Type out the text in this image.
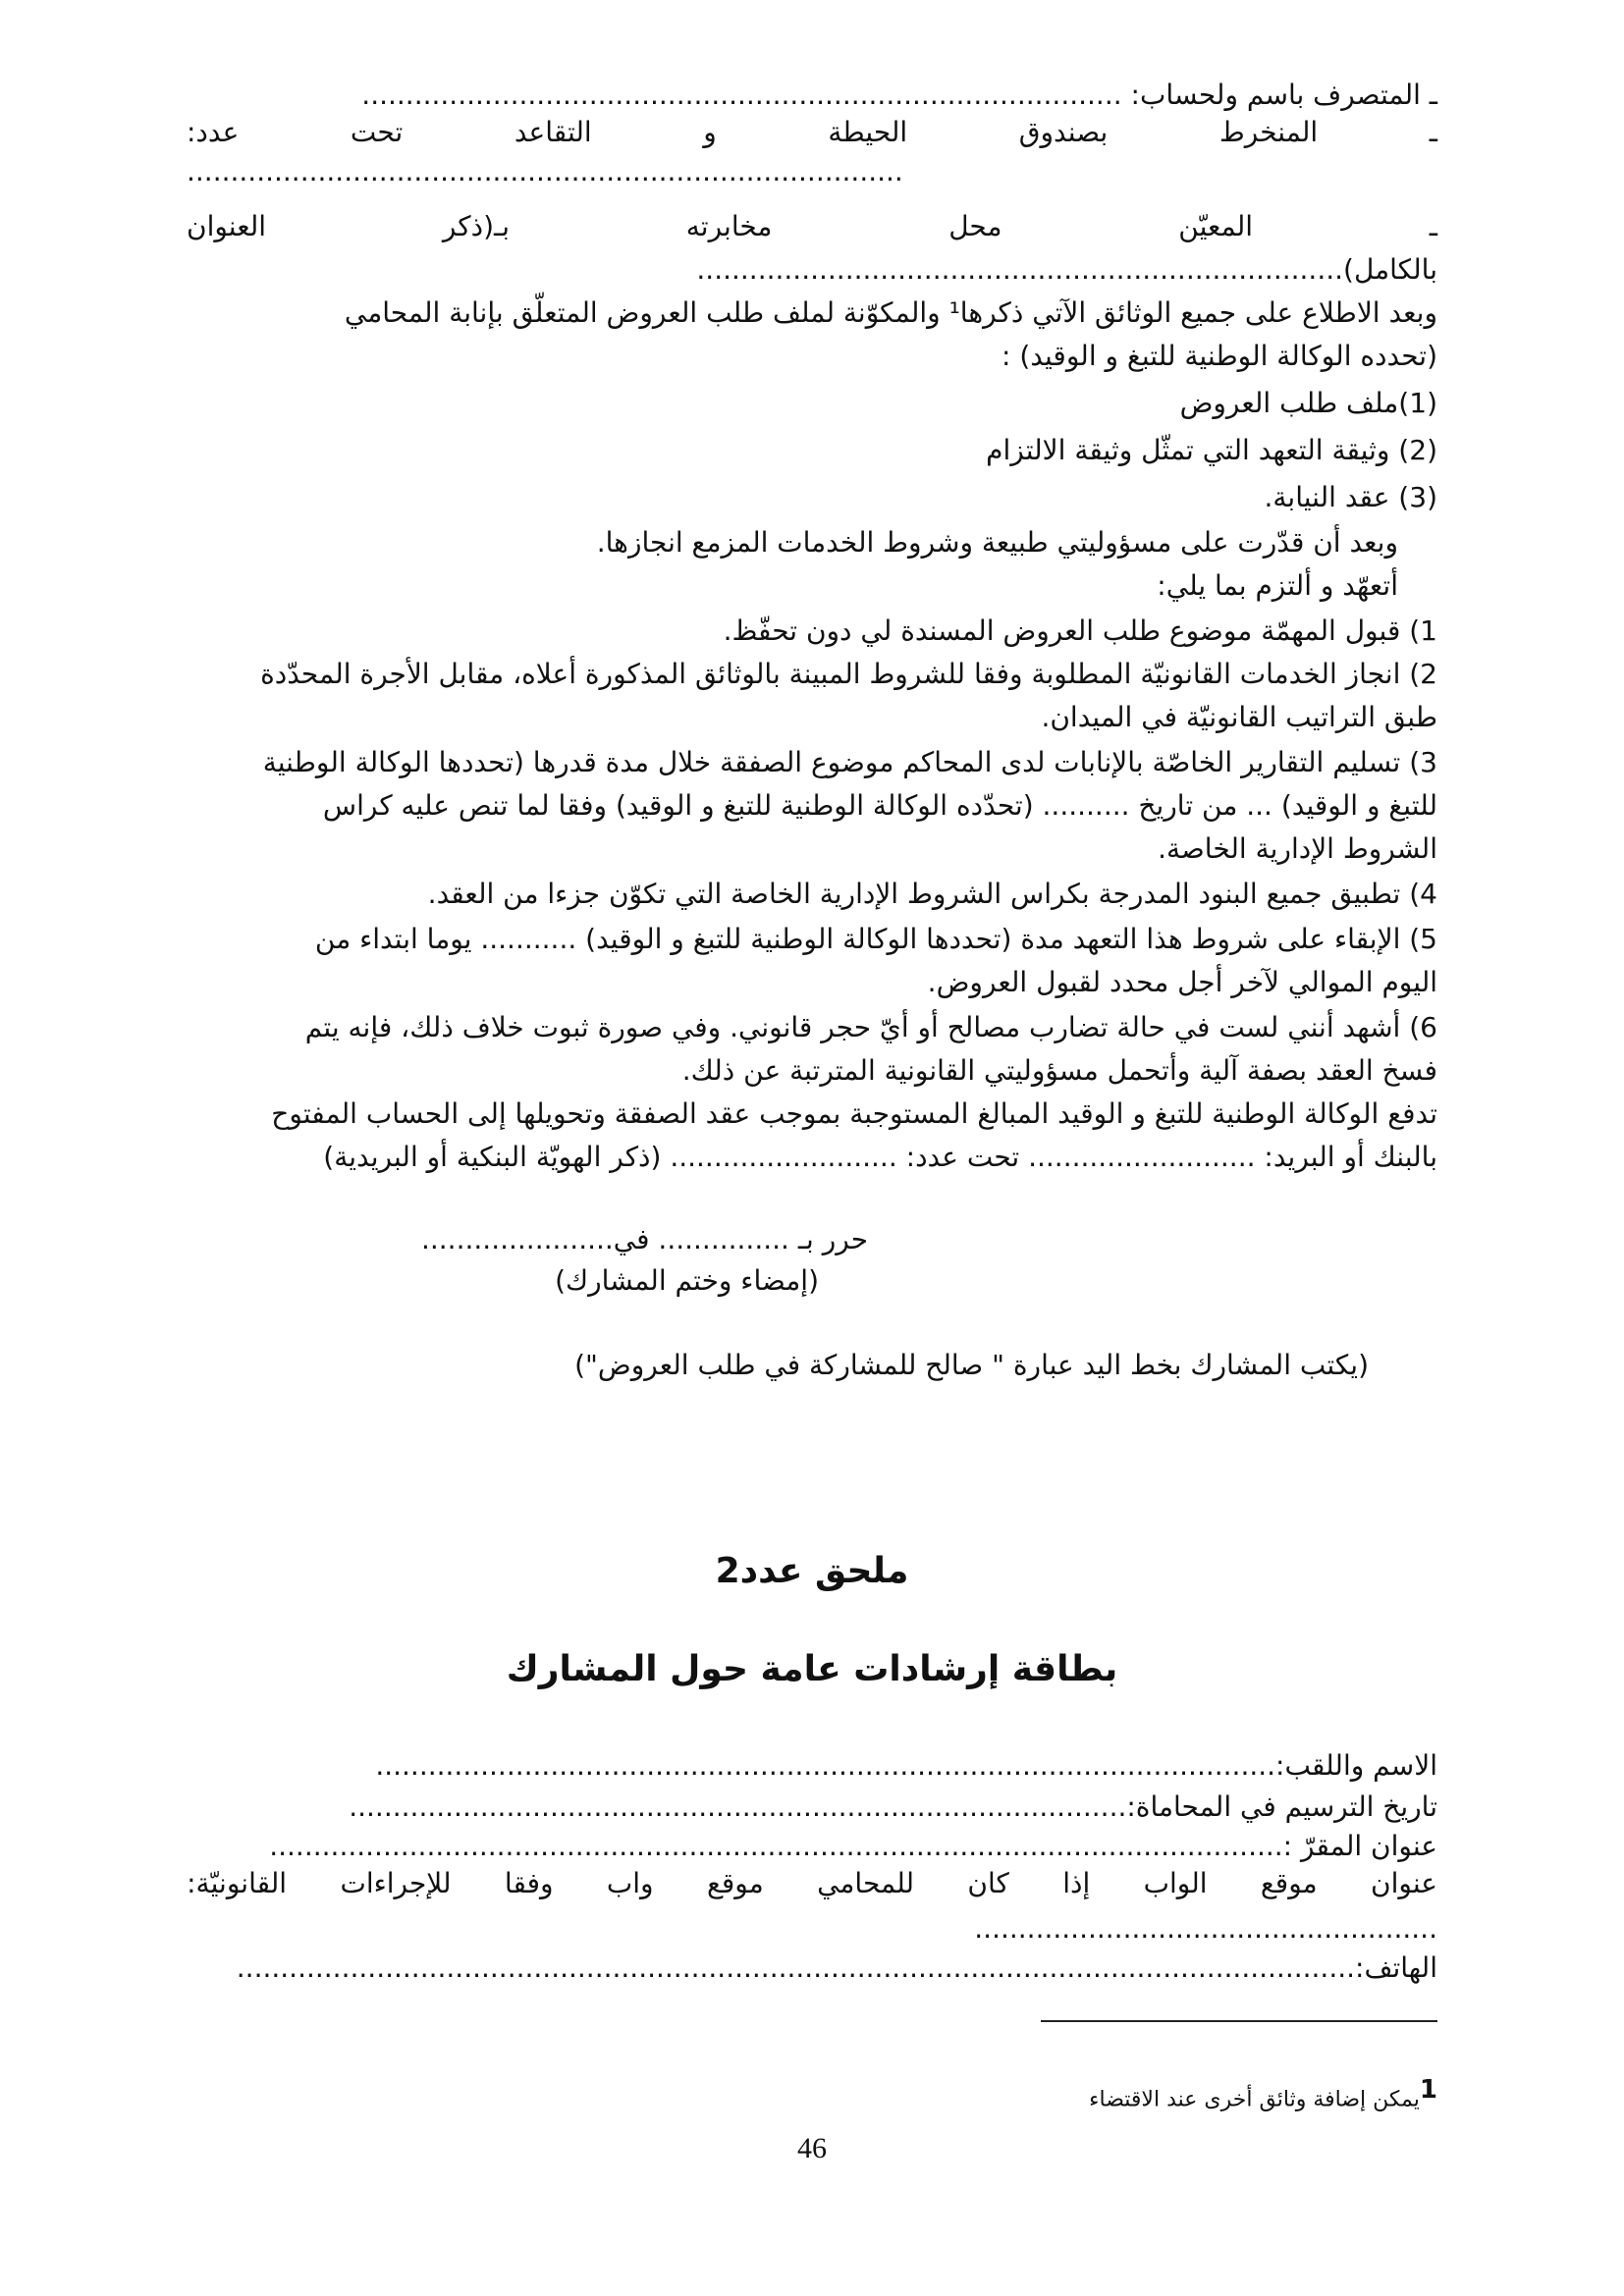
ـ المتصرف باسم ولحساب: .......................................................................................
ـ
المنخرط
بصندوق
الحيطة
و
التقاعد
تحت
عدد:
..................................................................................
ـ
المعيّن
محل
مخابرته
بـ(ذكر
العنوان
بالكامل)..........................................................................
وبعد الاطلاع على جميع الوثائق الآتي ذكرها¹ والمكوّنة لملف طلب العروض المتعلّق بإنابة المحامي
(تحدده الوكالة الوطنية للتبغ و الوقيد) :
(1)ملف طلب العروض
(2) وثيقة التعهد التي تمثّل وثيقة الالتزام
(3) عقد النيابة.
وبعد أن قدّرت على مسؤوليتي طبيعة وشروط الخدمات المزمع انجازها.
أتعهّد و ألتزم بما يلي:
1) قبول المهمّة موضوع طلب العروض المسندة لي دون تحفّظ.
2) انجاز الخدمات القانونيّة المطلوبة وفقا للشروط المبينة بالوثائق المذكورة أعلاه، مقابل الأجرة المحدّدة
طبق التراتيب القانونيّة في الميدان.
3) تسليم التقارير الخاصّة بالإنابات لدى المحاكم موضوع الصفقة خلال مدة قدرها (تحددها الوكالة الوطنية
للتبغ و الوقيد) ... من تاريخ .......... (تحدّده الوكالة الوطنية للتبغ و الوقيد) وفقا لما تنص عليه كراس
الشروط الإدارية الخاصة.
4) تطبيق جميع البنود المدرجة بكراس الشروط الإدارية الخاصة التي تكوّن جزءا من العقد.
5) الإبقاء على شروط هذا التعهد مدة (تحددها الوكالة الوطنية للتبغ و الوقيد) ........... يوما ابتداء من
اليوم الموالي لآخر أجل محدد لقبول العروض.
6) أشهد أنني لست في حالة تضارب مصالح أو أيّ حجر قانوني. وفي صورة ثبوت خلاف ذلك، فإنه يتم
فسخ العقد بصفة آلية وأتحمل مسؤوليتي القانونية المترتبة عن ذلك.
تدفع الوكالة الوطنية للتبغ و الوقيد المبالغ المستوجبة بموجب عقد الصفقة وتحويلها إلى الحساب المفتوح
بالبنك أو البريد: .......................... تحت عدد: .......................... (ذكر الهويّة البنكية أو البريدية)
حرر بـ ............... في......................
(إمضاء وختم المشارك)
(يكتب المشارك بخط اليد عبارة " صالح للمشاركة في طلب العروض")
ملحق عدد2
بطاقة إرشادات عامة حول المشارك
الاسم واللقب:.......................................................................................................
تاريخ الترسيم في المحاماة:.........................................................................................
عنوان المقرّ :....................................................................................................................
عنوان
موقع
الواب
إذا
كان
للمحامي
موقع
واب
وفقا
للإجراءات
القانونيّة:
.....................................................
الهاتف:................................................................................................................................
$^1$يمكن إضافة وثائق أخرى عند الاقتضاء
46
